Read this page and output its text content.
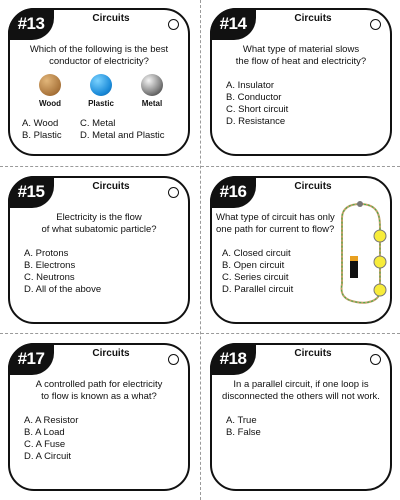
#13	Circuits
Which of the following is the best
conductor of electricity?
Wood	Plastic	Metal
A. Wood	C. Metal
B. Plastic	D. Metal and Plastic
#14	Circuits
What type of material slows
the flow of heat and electricity?
A. Insulator
B. Conductor
C. Short circuit
D. Resistance
#15	Circuits
Electricity is the flow
of what subatomic particle?
A. Protons
B. Electrons
C. Neutrons
D. All of the above
#16	Circuits
What type of circuit has only
one path for current to flow?
A. Closed circuit
B. Open circuit
C. Series circuit
D. Parallel circuit
#17	Circuits
A controlled path for electricity
to flow is known as a what?
A. A Resistor
B. A Load
C. A Fuse
D. A Circuit
#18	Circuits
In a parallel circuit, if one loop is
disconnected the others will not work.
A. True
B. False
